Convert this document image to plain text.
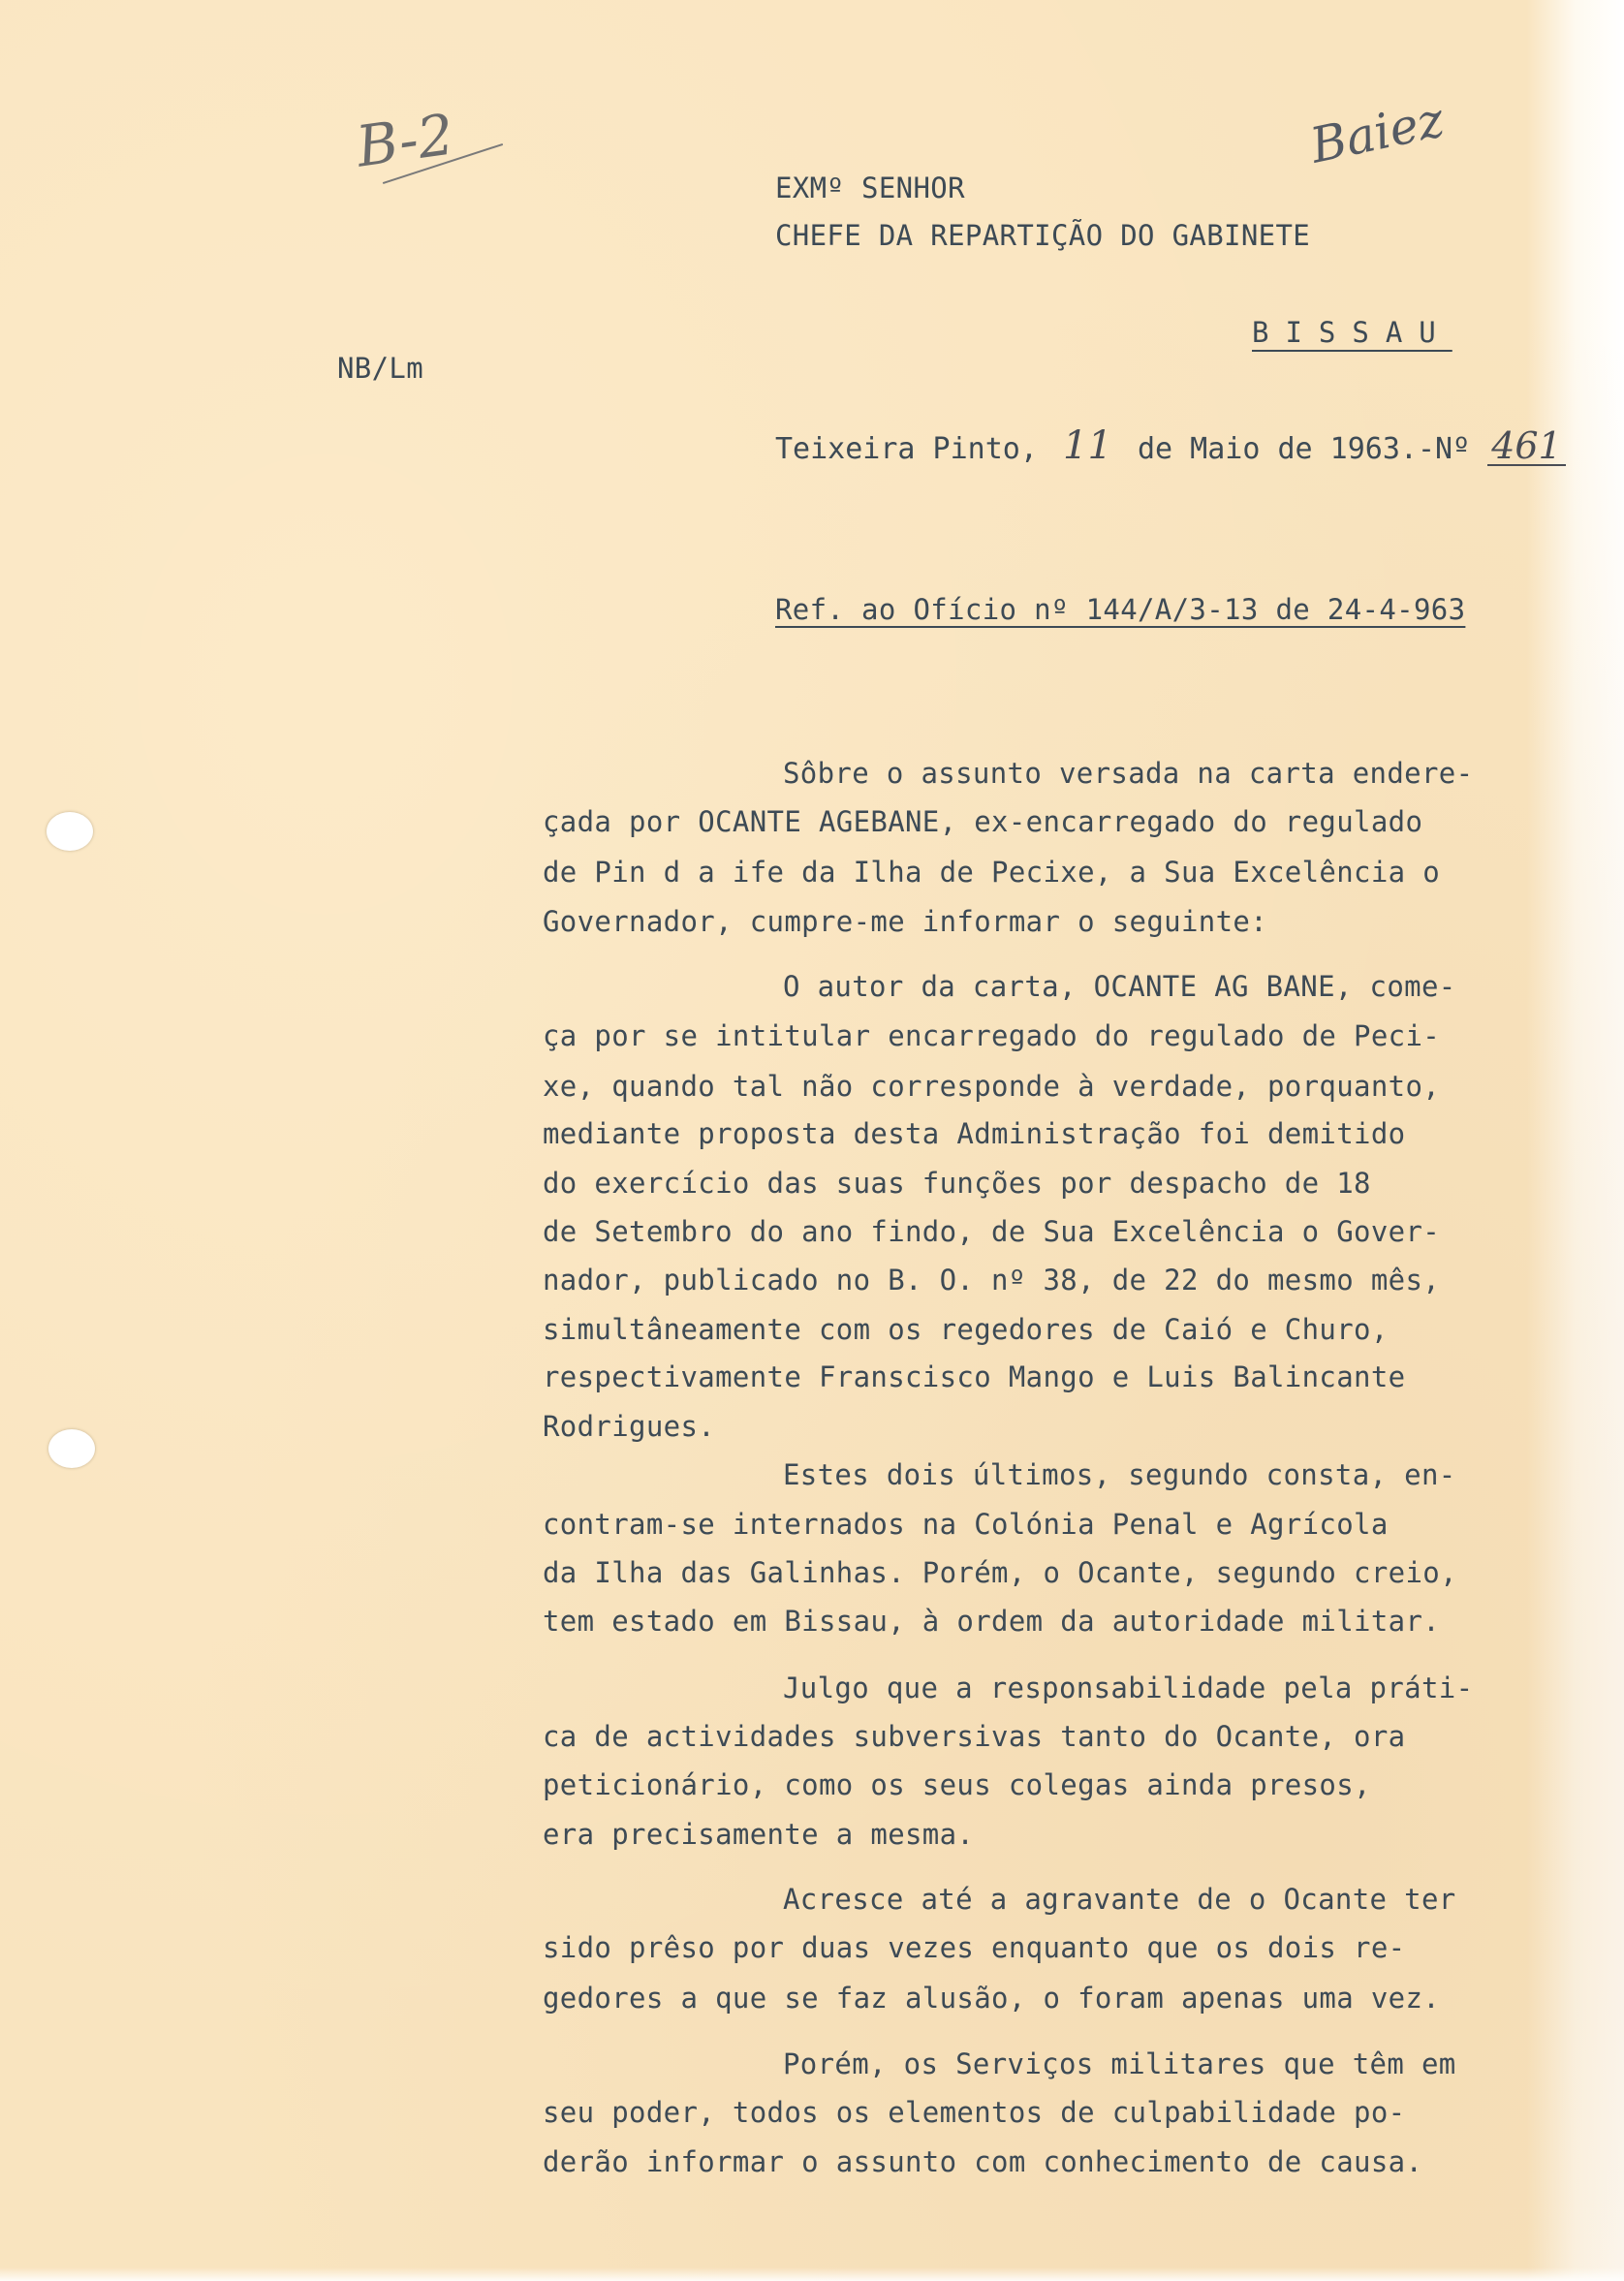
B-2	Baiez
EXMº SENHOR
CHEFE DA REPARTIÇÃO DO GABINETE
BISSAU
NB/Lm
Teixeira Pinto, 11 de Maio de 1963.-Nº 461
Ref. ao Ofício nº 144/A/3-13 de 24-4-963
Sôbre o assunto versada na carta endere-
çada por OCANTE AGEBANE, ex-encarregado do regulado
de Pin d a ife da Ilha de Pecixe, a Sua Excelência o
Governador, cumpre-me informar o seguinte:
O autor da carta, OCANTE AG BANE, come-
ça por se intitular encarregado do regulado de Peci-
xe, quando tal não corresponde à verdade, porquanto,
mediante proposta desta Administração foi demitido
do exercício das suas funções por despacho de 18
de Setembro do ano findo, de Sua Excelência o Gover-
nador, publicado no B. O. nº 38, de 22 do mesmo mês,
simultâneamente com os regedores de Caió e Churo,
respectivamente Franscisco Mango e Luis Balincante
Rodrigues.
Estes dois últimos, segundo consta, en-
contram-se internados na Colónia Penal e Agrícola
da Ilha das Galinhas. Porém, o Ocante, segundo creio,
tem estado em Bissau, à ordem da autoridade militar.
Julgo que a responsabilidade pela práti-
ca de actividades subversivas tanto do Ocante, ora
peticionário, como os seus colegas ainda presos,
era precisamente a mesma.
Acresce até a agravante de o Ocante ter
sido prêso por duas vezes enquanto que os dois re-
gedores a que se faz alusão, o foram apenas uma vez.
Porém, os Serviços militares que têm em
seu poder, todos os elementos de culpabilidade po-
derão informar o assunto com conhecimento de causa.
